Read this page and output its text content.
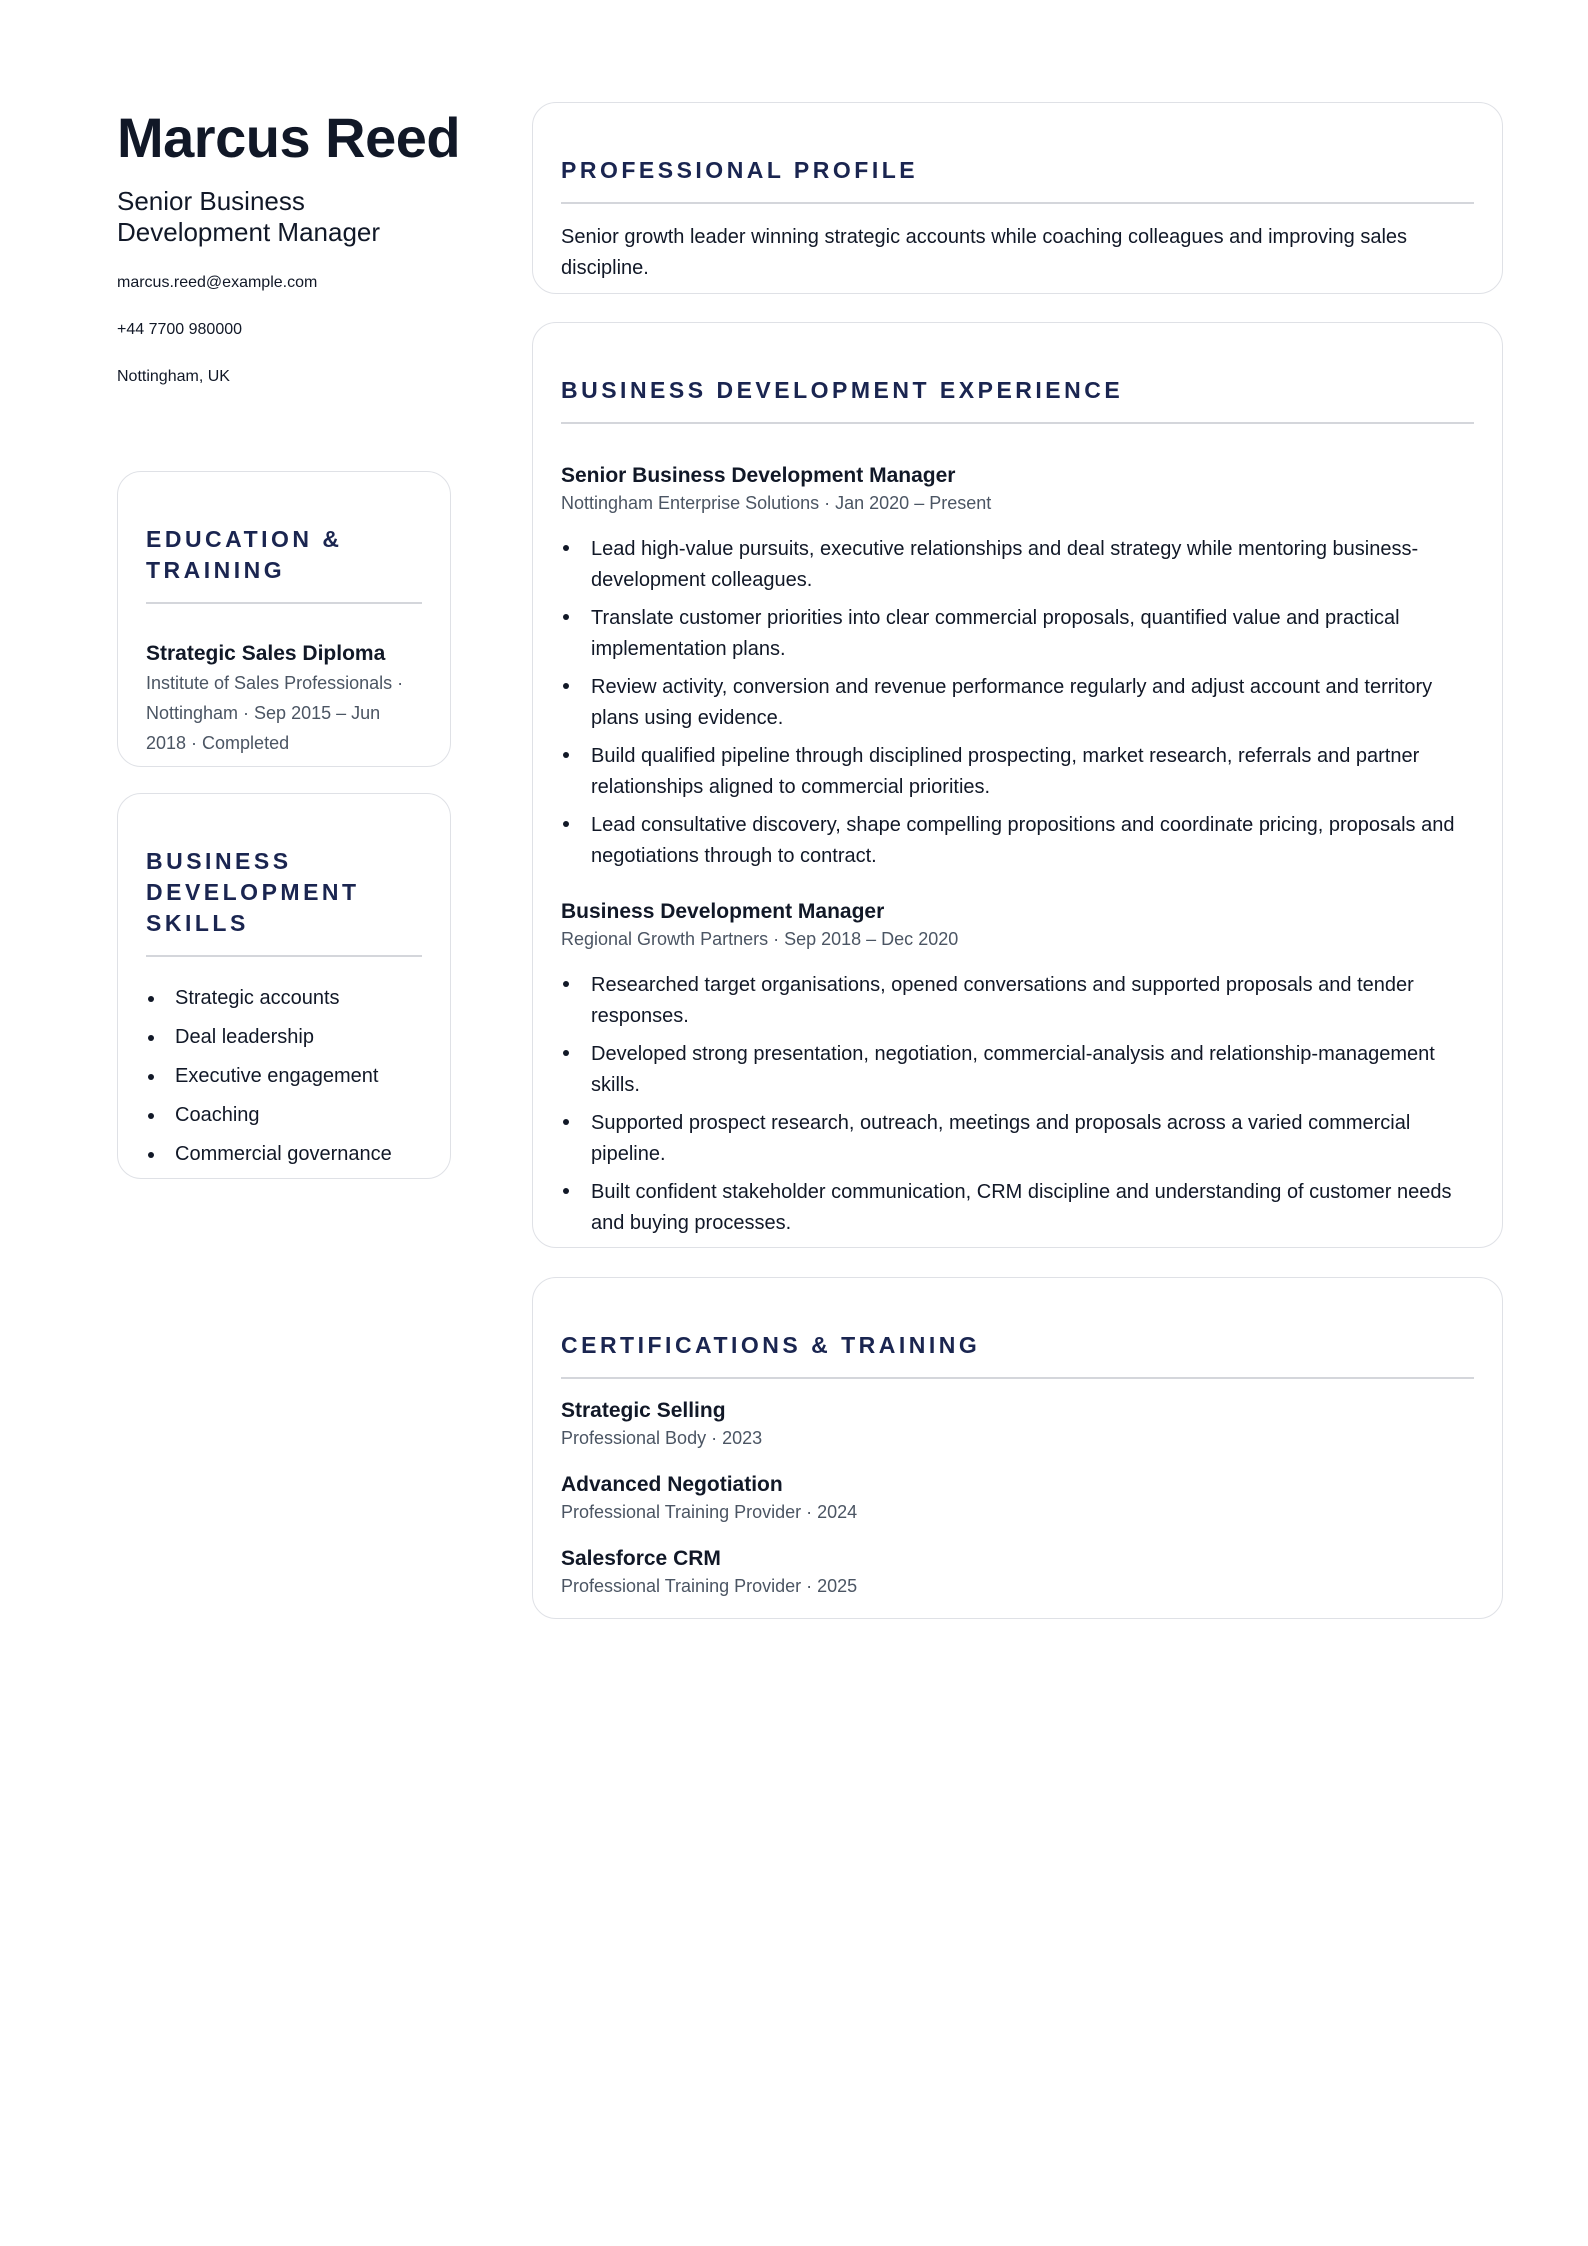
Marcus Reed
Senior Business Development Manager
marcus.reed@example.com
+44 7700 980000
Nottingham, UK
EDUCATION & TRAINING
Strategic Sales Diploma
Institute of Sales Professionals · Nottingham · Sep 2015 – Jun 2018 · Completed
BUSINESS DEVELOPMENT SKILLS
Strategic accounts
Deal leadership
Executive engagement
Coaching
Commercial governance
PROFESSIONAL PROFILE
Senior growth leader winning strategic accounts while coaching colleagues and improving sales discipline.
BUSINESS DEVELOPMENT EXPERIENCE
Senior Business Development Manager
Nottingham Enterprise Solutions · Jan 2020 – Present
Lead high-value pursuits, executive relationships and deal strategy while mentoring business-development colleagues.
Translate customer priorities into clear commercial proposals, quantified value and practical implementation plans.
Review activity, conversion and revenue performance regularly and adjust account and territory plans using evidence.
Build qualified pipeline through disciplined prospecting, market research, referrals and partner relationships aligned to commercial priorities.
Lead consultative discovery, shape compelling propositions and coordinate pricing, proposals and negotiations through to contract.
Business Development Manager
Regional Growth Partners · Sep 2018 – Dec 2020
Researched target organisations, opened conversations and supported proposals and tender responses.
Developed strong presentation, negotiation, commercial-analysis and relationship-management skills.
Supported prospect research, outreach, meetings and proposals across a varied commercial pipeline.
Built confident stakeholder communication, CRM discipline and understanding of customer needs and buying processes.
CERTIFICATIONS & TRAINING
Strategic Selling
Professional Body · 2023
Advanced Negotiation
Professional Training Provider · 2024
Salesforce CRM
Professional Training Provider · 2025
